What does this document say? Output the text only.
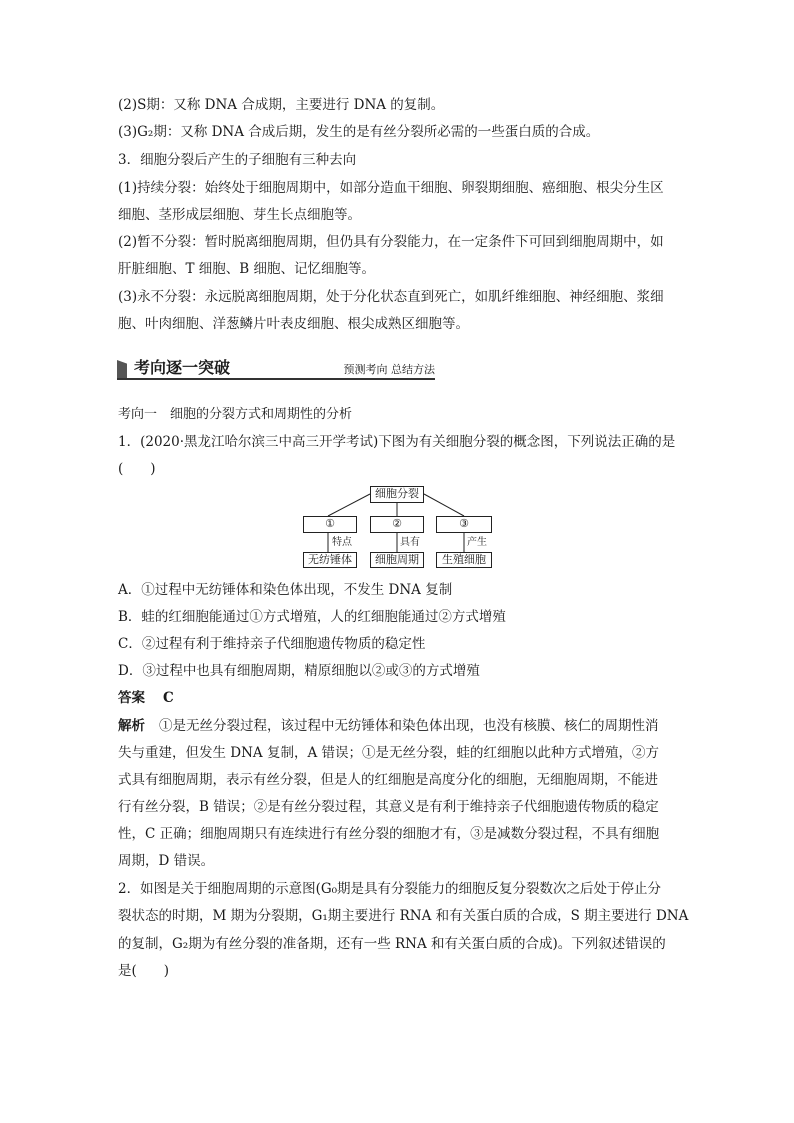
(2)S期：又称 DNA 合成期，主要进行 DNA 的复制。
(3)G₂期：又称 DNA 合成后期，发生的是有丝分裂所必需的一些蛋白质的合成。
3．细胞分裂后产生的子细胞有三种去向
(1)持续分裂：始终处于细胞周期中，如部分造血干细胞、卵裂期细胞、癌细胞、根尖分生区
细胞、茎形成层细胞、芽生长点细胞等。
(2)暂不分裂：暂时脱离细胞周期，但仍具有分裂能力，在一定条件下可回到细胞周期中，如
肝脏细胞、T 细胞、B 细胞、记忆细胞等。
(3)永不分裂：永远脱离细胞周期，处于分化状态直到死亡，如肌纤维细胞、神经细胞、浆细
胞、叶肉细胞、洋葱鳞片叶表皮细胞、根尖成熟区细胞等。
考向逐一突破	预测考向 总结方法
考向一　细胞的分裂方式和周期性的分析
1．(2020·黑龙江哈尔滨三中高三开学考试)下图为有关细胞分裂的概念图，下列说法正确的是
(　　)
细胞分裂
①	②	③
特点	具有	产生
无纺锤体	细胞周期	生殖细胞
A．①过程中无纺锤体和染色体出现，不发生 DNA 复制
B．蛙的红细胞能通过①方式增殖，人的红细胞能通过②方式增殖
C．②过程有利于维持亲子代细胞遗传物质的稳定性
D．③过程中也具有细胞周期，精原细胞以②或③的方式增殖
答案 C
解析 ①是无丝分裂过程，该过程中无纺锤体和染色体出现，也没有核膜、核仁的周期性消
失与重建，但发生 DNA 复制，A 错误；①是无丝分裂，蛙的红细胞以此种方式增殖，②方
式具有细胞周期，表示有丝分裂，但是人的红细胞是高度分化的细胞，无细胞周期，不能进
行有丝分裂，B 错误；②是有丝分裂过程，其意义是有利于维持亲子代细胞遗传物质的稳定
性，C 正确；细胞周期只有连续进行有丝分裂的细胞才有，③是减数分裂过程，不具有细胞
周期，D 错误。
2．如图是关于细胞周期的示意图(G₀期是具有分裂能力的细胞反复分裂数次之后处于停止分
裂状态的时期，M 期为分裂期，G₁期主要进行 RNA 和有关蛋白质的合成，S 期主要进行 DNA
的复制，G₂期为有丝分裂的准备期，还有一些 RNA 和有关蛋白质的合成)。下列叙述错误的
是(　　)
